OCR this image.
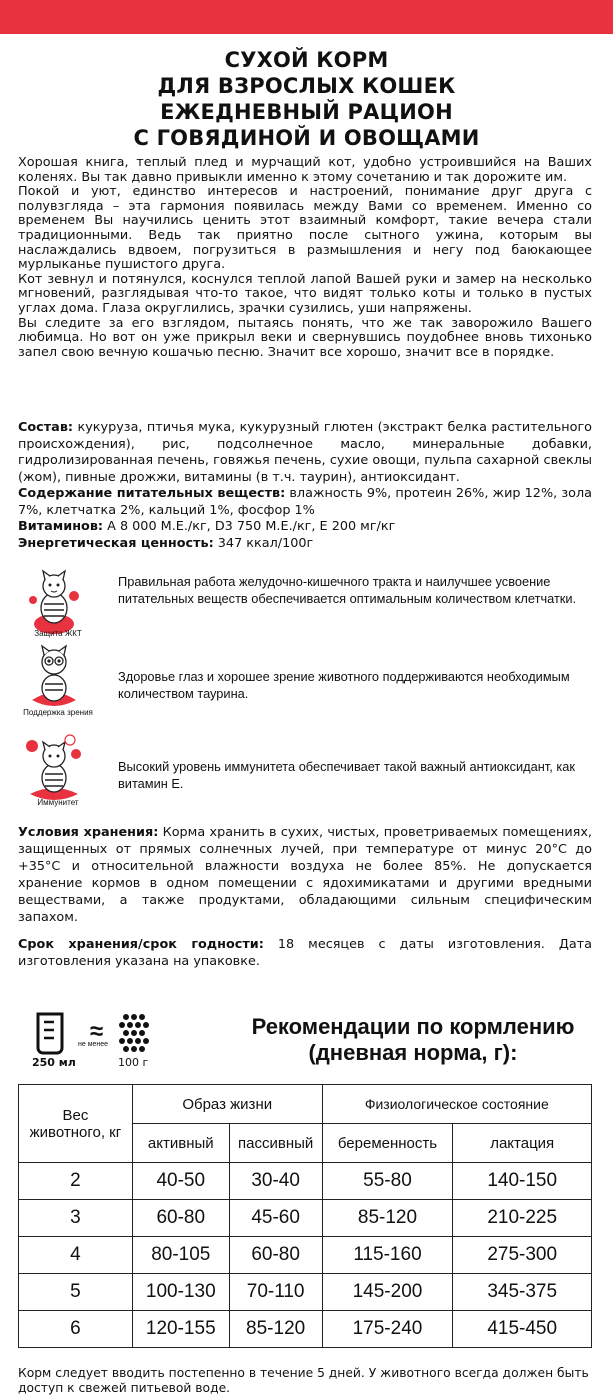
СУХОЙ КОРМ
ДЛЯ ВЗРОСЛЫХ КОШЕК
ЕЖЕДНЕВНЫЙ РАЦИОН
С ГОВЯДИНОЙ И ОВОЩАМИ

Хорошая книга, теплый плед и мурчащий кот, удобно устроившийся на Ваших коленях. Вы так давно привыкли именно к этому сочетанию и так дорожите им.

Покой и уют, единство интересов и настроений, понимание друг друга с полувзгляда – эта гармония появилась между Вами со временем. Именно со временем Вы научились ценить этот взаимный комфорт, такие вечера стали традиционными. Ведь так приятно после сытного ужина, которым вы наслаждались вдвоем, погрузиться в размышления и негу под баюкающее мурлыканье пушистого друга.

Кот зевнул и потянулся, коснулся теплой лапой Вашей руки и замер на несколько мгновений, разглядывая что-то такое, что видят только коты и только в пустых углах дома. Глаза округлились, зрачки сузились, уши напряжены.

Вы следите за его взглядом, пытаясь понять, что же так заворожило Вашего любимца. Но вот он уже прикрыл веки и свернувшись поудобнее вновь тихонько запел свою вечную кошачью песню. Значит все хорошо, значит все в порядке.

Состав: кукуруза, птичья мука, кукурузный глютен (экстракт белка растительного происхождения), рис, подсолнечное масло, минеральные добавки, гидролизированная печень, говяжья печень, сухие овощи, пульпа сахарной свеклы (жом), пивные дрожжи, витамины (в т.ч. таурин), антиоксидант.

Содержание питательных веществ: влажность 9%, протеин 26%, жир 12%, зола 7%, клетчатка 2%, кальций 1%, фосфор 1%

Витаминов: А 8 000 М.Е./кг, D3 750 М.Е./кг, Е 200 мг/кг

Энергетическая ценность: 347 ккал/100г

Защита ЖКТ
Правильная работа желудочно-кишечного тракта и наилучшее усвоение питательных веществ обеспечивается оптимальным количеством клетчатки.
Поддержка зрения
Здоровье глаз и хорошее зрение животного поддерживаются необходимым количеством таурина.
Иммунитет
Высокий уровень иммунитета обеспечивает такой важный антиоксидант, как витамин Е.

Условия хранения: Корма хранить в сухих, чистых, проветриваемых помещениях, защищенных от прямых солнечных лучей, при температуре от минус 20°С до +35°С и относительной влажности воздуха не более 85%. Не допускается хранение кормов в одном помещении с ядохимикатами и другими вредными веществами, а также продуктами, обладающими сильным специфическим запахом.

Срок хранения/срок годности: 18 месяцев с даты изготовления. Дата изготовления указана на упаковке.

≈
не менее
250 мл	100 г
Рекомендации по кормлению
(дневная норма, г):
Вес животного, кг	Образ жизни		Физиологическое состояние	
	активный	пассивный	беременность	лактация
2	40-50	30-40	55-80	140-150
3	60-80	45-60	85-120	210-225
4	80-105	60-80	115-160	275-300
5	100-130	70-110	145-200	345-375
6	120-155	85-120	175-240	415-450
Корм следует вводить постепенно в течение 5 дней. У животного всегда должен быть доступ к свежей питьевой воде.
